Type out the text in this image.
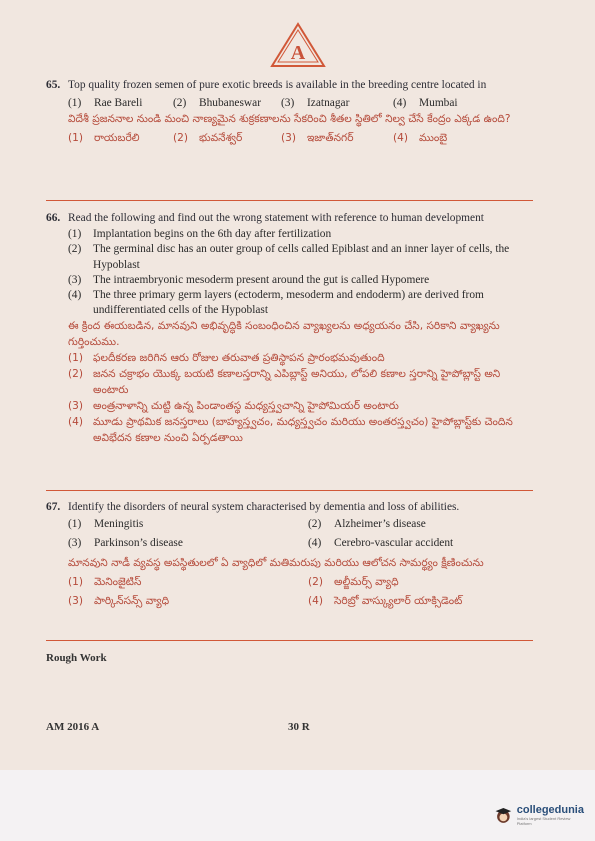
A
65. Top quality frozen semen of pure exotic breeds is available in the breeding centre located in
(1)	Rae Bareli	(2)	Bhubaneswar (3)	Izatnagar	(4)	Mumbai
విదేశీ ప్రజననాల నుండి మంచి నాణ్యమైన శుక్రకణాలను సేకరించి శీతల స్థితిలో నిల్వ చేసే కేంద్రం ఎక్కడ ఉంది?
(1)	రాయబరేలి	(2)	భువనేశ్వర్	(3)	ఇజాత్‌నగర్	(4)	ముంబై
66. Read the following and find out the wrong statement with reference to human development
(1)	Implantation begins on the 6th day after fertilization
(2)	The germinal disc has an outer group of cells called Epiblast and an inner layer of cells, the Hypoblast
(3)	The intraembryonic mesoderm present around the gut is called Hypomere
(4)	The three primary germ layers (ectoderm, mesoderm and endoderm) are derived from undifferentiated cells of the Hypoblast
ఈ క్రింద ఈయబడిన, మానవుని అభివృద్ధికి సంబంధించిన వ్యాఖ్యలను అధ్యయనం చేసి, సరికాని వ్యాఖ్యను గుర్తించుము.
(1) ఫలదీకరణ జరిగిన ఆరు రోజుల తరువాత ప్రతిస్థాపన ప్రారంభమవుతుంది
(2) జనన చక్రాభం యొక్క బయటి కణాలస్తరాన్ని ఎపిబ్లాస్ట్ అనియు, లోపలి కణాల స్తరాన్ని హైపోబ్లాస్ట్ అని అంటారు
(3) అంత్రనాళాన్ని చుట్టి ఉన్న పిండాంతస్థ మధ్యస్త్వచాన్ని హైపోమియర్ అంటారు
(4) మూడు ప్రాథమిక జనస్తరాలు (బాహ్యస్త్వచం, మధ్యస్త్వచం మరియు అంతరస్త్వచం) హైపోబ్లాస్ట్‌కు చెందిన అవిభేదన కణాల నుంచి ఏర్పడతాయి
67. Identify the disorders of neural system characterised by dementia and loss of abilities.
(1)	Meningitis	(2)	Alzheimer’s disease
(3)	Parkinson’s disease	(4)	Cerebro-vascular accident
మానవుని నాడీ వ్యవస్థ అపస్థితులలో ఏ వ్యాధిలో మతిమరుపు మరియు ఆలోచన సామర్థ్యం క్షీణించును
(1)	మెనింజైటిస్	(2)	అల్జీమర్స్ వ్యాధి
(3)	పార్కిన్‌సన్స్ వ్యాధి	(4)	సెరిబ్రో వాస్క్యులార్ యాక్సిడెంట్
Rough Work
AM 2016 A	30 R
collegedunia
India's largest Student Review Platform
